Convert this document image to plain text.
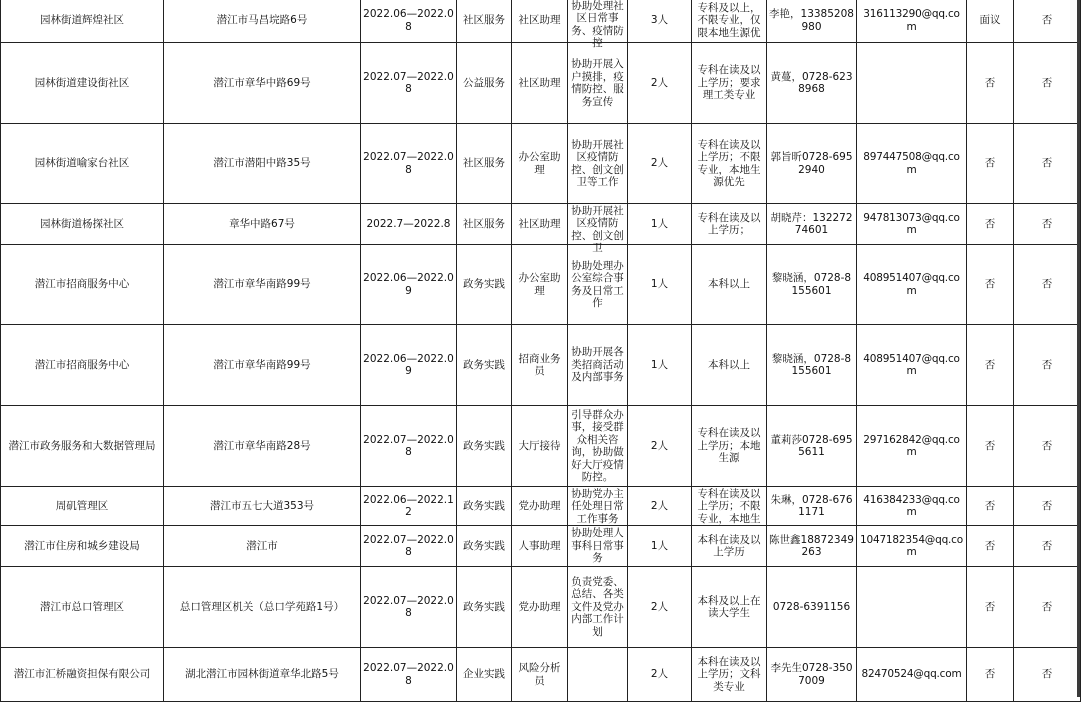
园林街道辉煌社区	潜江市马昌垸路6号	2022.06—2022.08	社区服务	社区助理	协助处理社区日常事务、疫情防控	3人	专科及以上，不限专业，仅限本地生源优	李艳，13385208980	316113290@qq.com	面议	否

园林街道建设街社区	潜江市章华中路69号	2022.07—2022.08	公益服务	社区助理	协助开展入户摸排，疫情防控、服务宣传	2人	专科在读及以上学历；要求理工类专业	黄蔓，0728-6238968		否	否

园林街道喻家台社区	潜江市潜阳中路35号	2022.07—2022.08	社区服务	办公室助理	协助开展社区疫情防控、创文创卫等工作	2人	专科在读及以上学历；不限专业，本地生源优先	郭旨昕0728-6952940	897447508@qq.com	否	否

园林街道杨探社区	章华中路67号	2022.7—2022.8	社区服务	社区助理	协助开展社区疫情防控、创文创卫	1人	专科在读及以上学历；	胡晓芹：13227274601	947813073@qq.com	否	否

潜江市招商服务中心	潜江市章华南路99号	2022.06—2022.09	政务实践	办公室助理	协助处理办公室综合事务及日常工作	1人	本科以上	黎晓涵，0728-8155601	408951407@qq.com	否	否

潜江市招商服务中心	潜江市章华南路99号	2022.06—2022.09	政务实践	招商业务员	协助开展各类招商活动及内部事务	1人	本科以上	黎晓涵，0728-8155601	408951407@qq.com	否	否

潜江市政务服务和大数据管理局	潜江市章华南路28号	2022.07—2022.08	政务实践	大厅接待	引导群众办事，接受群众相关咨询，协助做好大厅疫情防控。	2人	专科在读及以上学历；本地生源	董莉莎0728-6955611	297162842@qq.com	否	否

周矶管理区	潜江市五七大道353号	2022.06—2022.12	政务实践	党办助理	协助党办主任处理日常工作事务	2人	专科在读及以上学历；不限专业，本地生	朱琳，0728-6761171	416384233@qq.com	否	否

潜江市住房和城乡建设局	潜江市	2022.07—2022.08	政务实践	人事助理	协助处理人事科日常事务	1人	本科在读及以上学历	陈世鑫18872349263	1047182354@qq.com	否	否

潜江市总口管理区	总口管理区机关（总口学苑路1号）	2022.07—2022.08	政务实践	党办助理	负责党委、总结、各类文件及党办内部工作计划	2人	本科及以上在读大学生	0728-6391156		否	否

潜江市汇桥融资担保有限公司	湖北潜江市园林街道章华北路5号	2022.07—2022.08	企业实践	风险分析员		2人	本科在读及以上学历；文科类专业	李先生0728-3507009	82470524@qq.com	否	否
